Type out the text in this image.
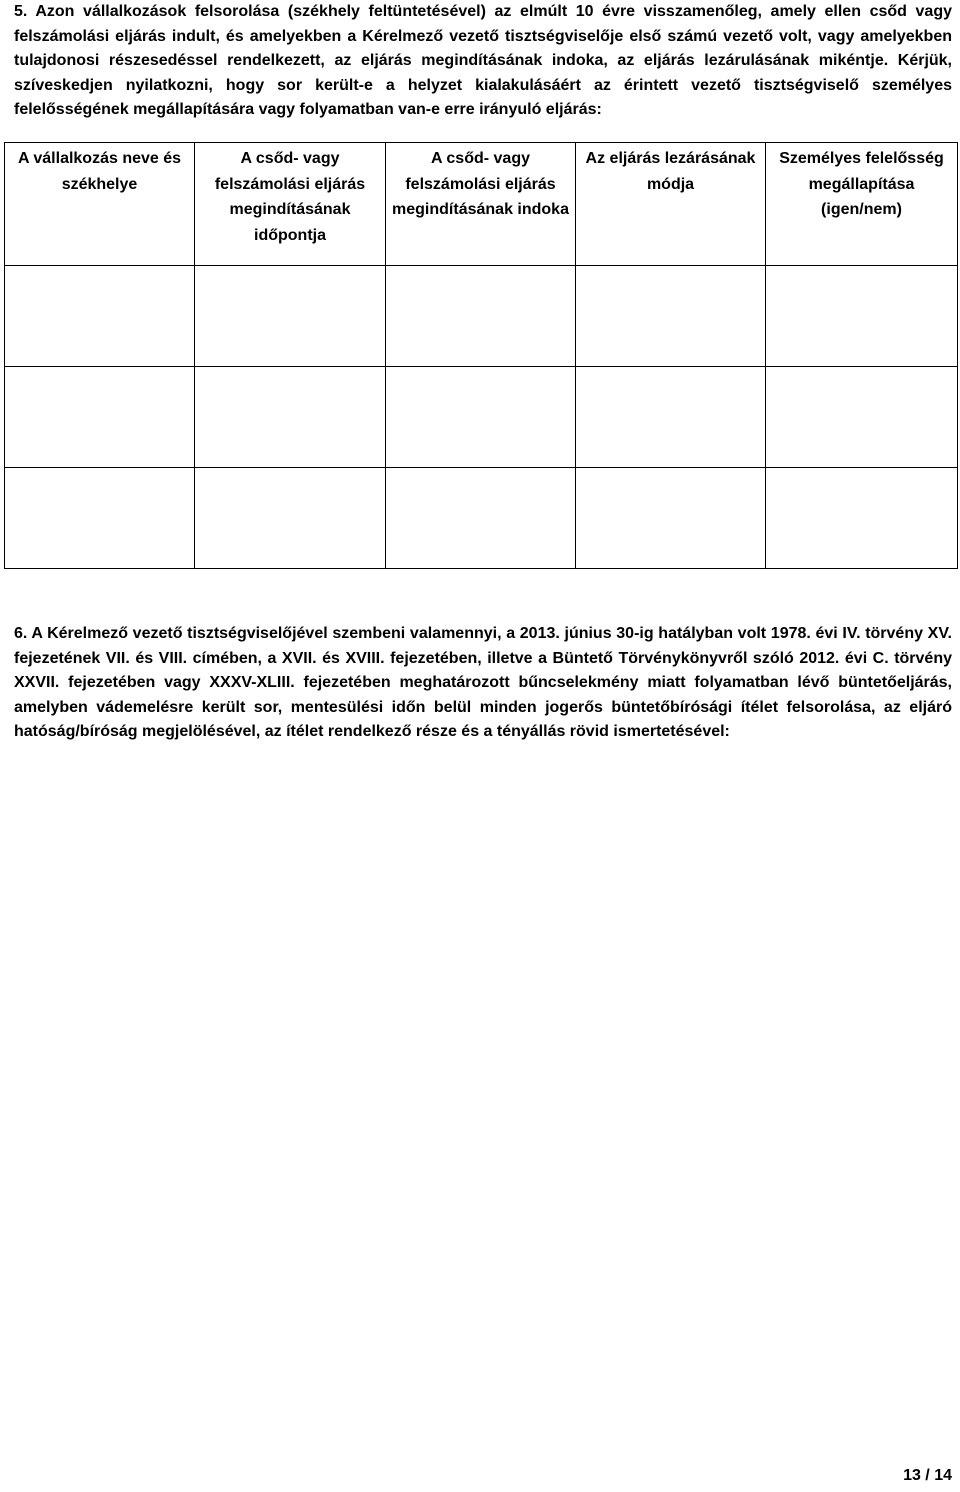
5. Azon vállalkozások felsorolása (székhely feltüntetésével) az elmúlt 10 évre visszamenőleg, amely ellen csőd vagy felszámolási eljárás indult, és amelyekben a Kérelmező vezető tisztségviselője első számú vezető volt, vagy amelyekben tulajdonosi részesedéssel rendelkezett, az eljárás megindításának indoka, az eljárás lezárulásának mikéntje. Kérjük, szíveskedjen nyilatkozni, hogy sor került-e a helyzet kialakulásáért az érintett vezető tisztségviselő személyes felelősségének megállapítására vagy folyamatban van-e erre irányuló eljárás:

A vállalkozás neve és székhelye	A csőd- vagy felszámolási eljárás megindításának időpontja	A csőd- vagy felszámolási eljárás megindításának indoka	Az eljárás lezárásának módja	Személyes felelősség megállapítása (igen/nem)

6. A Kérelmező vezető tisztségviselőjével szembeni valamennyi, a 2013. június 30-ig hatályban volt 1978. évi IV. törvény XV. fejezetének VII. és VIII. címében, a XVII. és XVIII. fejezetében, illetve a Büntető Törvénykönyvről szóló 2012. évi C. törvény XXVII. fejezetében vagy XXXV-XLIII. fejezetében meghatározott bűncselekmény miatt folyamatban lévő büntetőeljárás, amelyben vádemelésre került sor, mentesülési időn belül minden jogerős büntetőbírósági ítélet felsorolása, az eljáró hatóság/bíróság megjelölésével, az ítélet rendelkező része és a tényállás rövid ismertetésével:

13 / 14
